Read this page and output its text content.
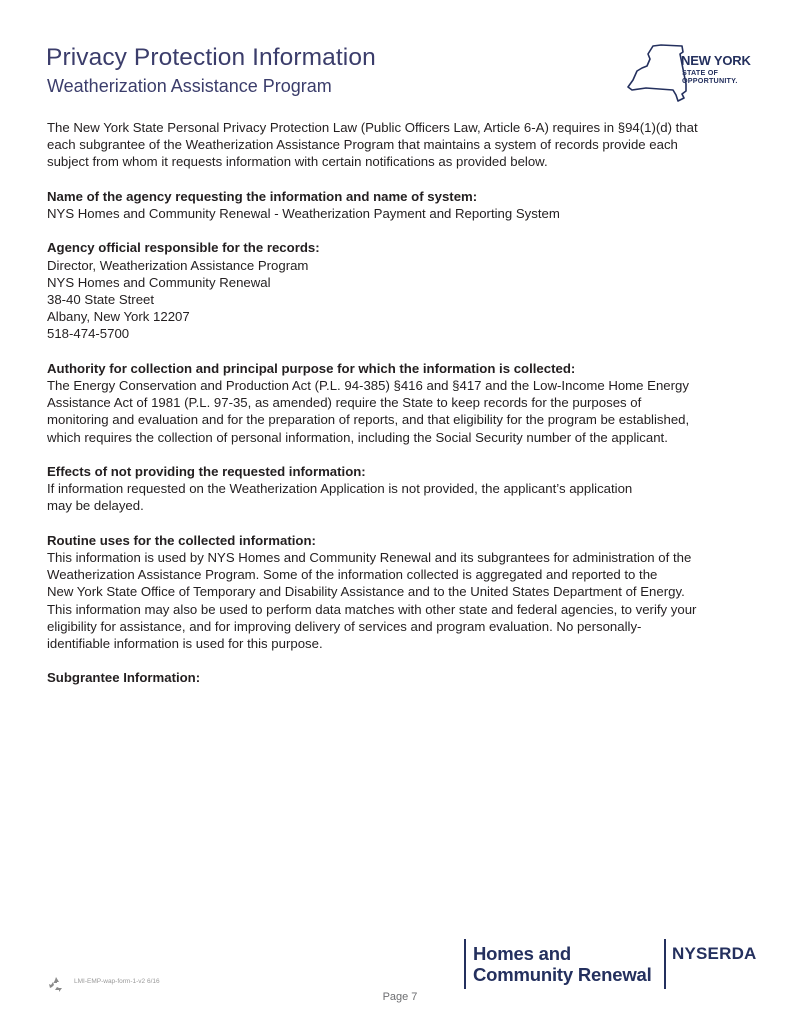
Privacy Protection Information
Weatherization Assistance Program
NEW YORK
STATE OF
OPPORTUNITY.

The New York State Personal Privacy Protection Law (Public Officers Law, Article 6-A) requires in §94(1)(d) that
each subgrantee of the Weatherization Assistance Program that maintains a system of records provide each
subject from whom it requests information with certain notifications as provided below.

Name of the agency requesting the information and name of system:
NYS Homes and Community Renewal - Weatherization Payment and Reporting System

Agency official responsible for the records:
Director, Weatherization Assistance Program
NYS Homes and Community Renewal
38-40 State Street
Albany, New York 12207
518-474-5700

Authority for collection and principal purpose for which the information is collected:
The Energy Conservation and Production Act (P.L. 94-385) §416 and §417 and the Low-Income Home Energy
Assistance Act of 1981 (P.L. 97-35, as amended) require the State to keep records for the purposes of
monitoring and evaluation and for the preparation of reports, and that eligibility for the program be established,
which requires the collection of personal information, including the Social Security number of the applicant.

Effects of not providing the requested information:
If information requested on the Weatherization Application is not provided, the applicant’s application
may be delayed.

Routine uses for the collected information:
This information is used by NYS Homes and Community Renewal and its subgrantees for administration of the
Weatherization Assistance Program. Some of the information collected is aggregated and reported to the
New York State Office of Temporary and Disability Assistance and to the United States Department of Energy.
This information may also be used to perform data matches with other state and federal agencies, to verify your
eligibility for assistance, and for improving delivery of services and program evaluation. No personally-
identifiable information is used for this purpose.

Subgrantee Information:

Homes and
Community Renewal
NYSERDA
LMI-EMP-wap-form-1-v2 6/16
Page 7
